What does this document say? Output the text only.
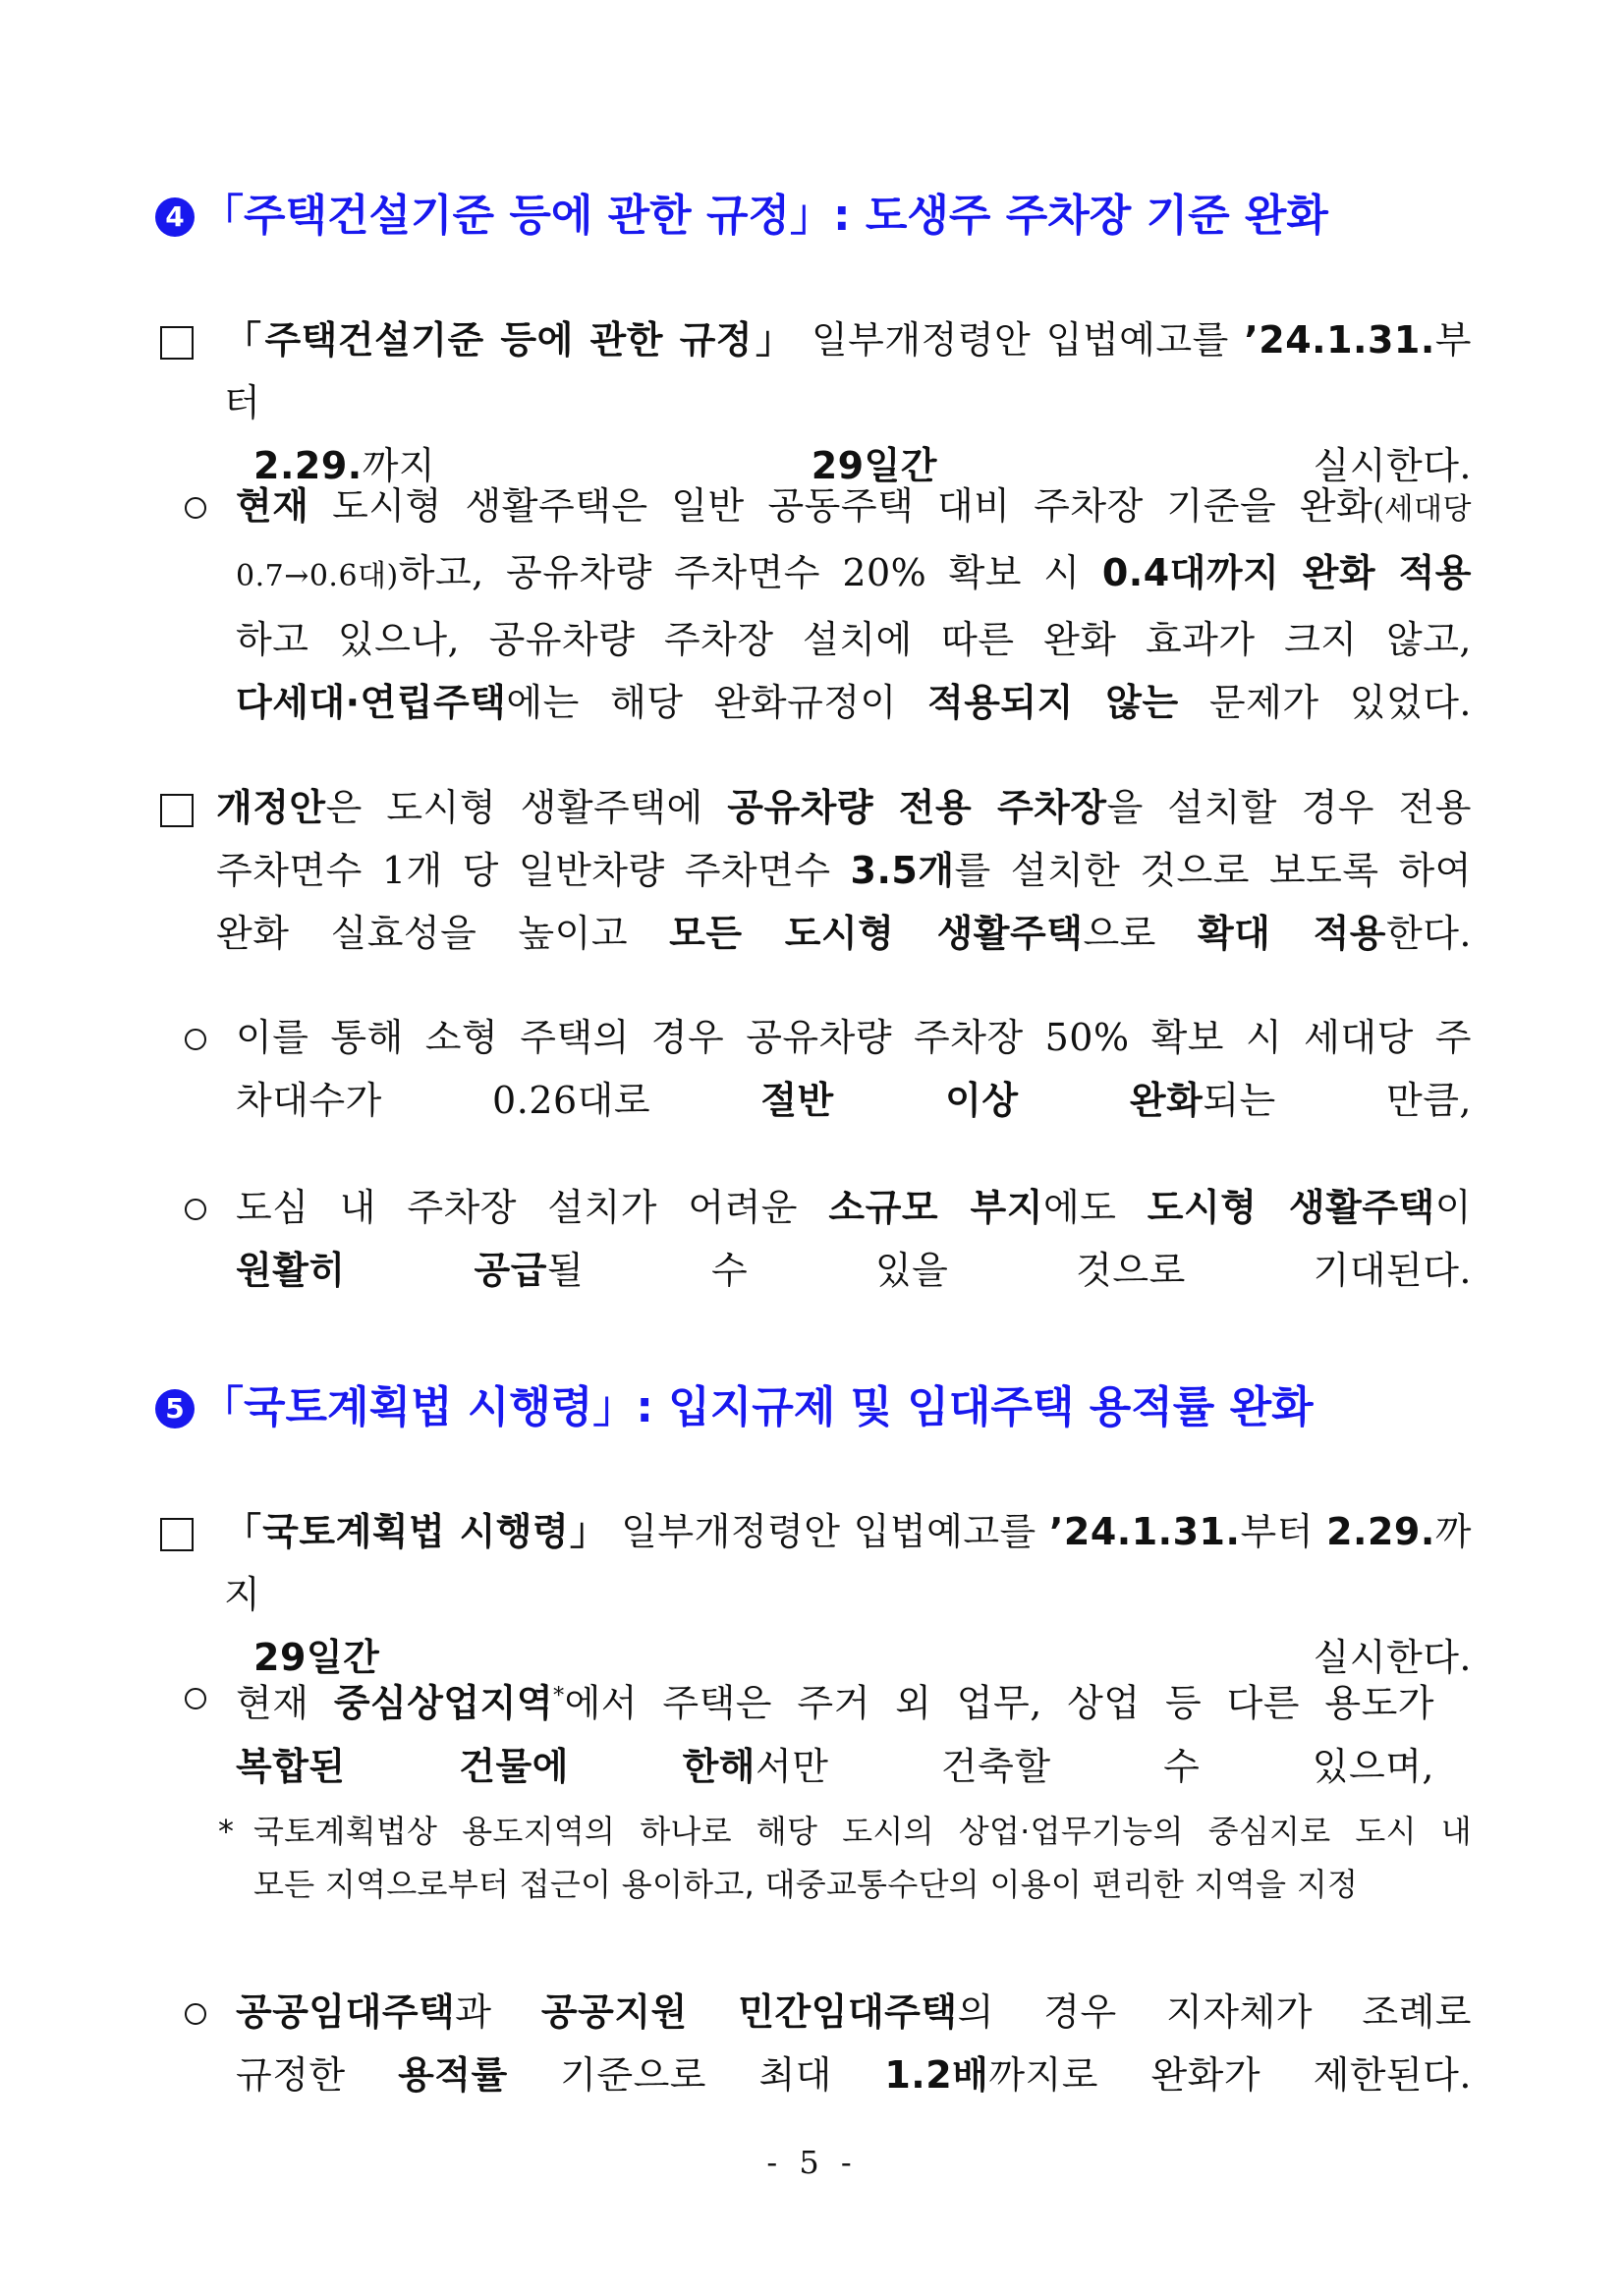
4 「주택건설기준 등에 관한 규정」: 도생주 주차장 기준 완화
「주택건설기준 등에 관한 규정」 일부개정령안 입법예고를 ’24.1.31.부터
2.29.까지 29일간 실시한다.
현재 도시형 생활주택은 일반 공동주택 대비 주차장 기준을 완화(세대당
0.7→0.6대)하고, 공유차량 주차면수 20% 확보 시 0.4대까지 완화 적용
하고 있으나, 공유차량 주차장 설치에 따른 완화 효과가 크지 않고,
다세대·연립주택에는 해당 완화규정이 적용되지 않는 문제가 있었다.
개정안은 도시형 생활주택에 공유차량 전용 주차장을 설치할 경우 전용
주차면수 1개 당 일반차량 주차면수 3.5개를 설치한 것으로 보도록 하여
완화 실효성을 높이고 모든 도시형 생활주택으로 확대 적용한다.
이를 통해 소형 주택의 경우 공유차량 주차장 50% 확보 시 세대당 주
차대수가 0.26대로 절반 이상 완화되는 만큼,
도심 내 주차장 설치가 어려운 소규모 부지에도 도시형 생활주택이
원활히 공급될 수 있을 것으로 기대된다.
5 「국토계획법 시행령」: 입지규제 및 임대주택 용적률 완화
「국토계획법 시행령」 일부개정령안 입법예고를 ’24.1.31.부터 2.29.까지
29일간 실시한다.
현재 중심상업지역*에서 주택은 주거 외 업무, 상업 등 다른 용도가
복합된 건물에 한해서만 건축할 수 있으며,
* 국토계획법상 용도지역의 하나로 해당 도시의 상업·업무기능의 중심지로 도시 내
모든 지역으로부터 접근이 용이하고, 대중교통수단의 이용이 편리한 지역을 지정
공공임대주택과 공공지원 민간임대주택의 경우 지자체가 조례로
규정한 용적률 기준으로 최대 1.2배까지로 완화가 제한된다.
- 5 -
